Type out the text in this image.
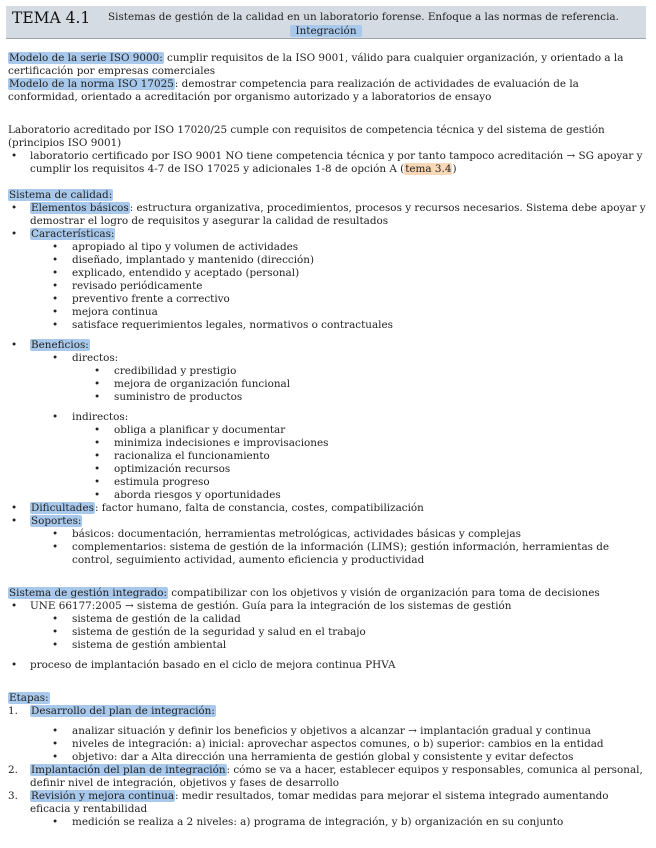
TEMA 4.1 Sistemas de gestión de la calidad en un laboratorio forense. Enfoque a las normas de referencia.
Integración

Modelo de la serie ISO 9000: cumplir requisitos de la ISO 9001, válido para cualquier organización, y orientado a la certificación por empresas comerciales

Modelo de la norma ISO 17025: demostrar competencia para realización de actividades de evaluación de la conformidad, orientado a acreditación por organismo autorizado y a laboratorios de ensayo

Laboratorio acreditado por ISO 17020/25 cumple con requisitos de competencia técnica y del sistema de gestión (principios ISO 9001)

• laboratorio certificado por ISO 9001 NO tiene competencia técnica y por tanto tampoco acreditación → SG apoyar y cumplir los requisitos 4-7 de ISO 17025 y adicionales 1-8 de opción A (tema 3.4)

Sistema de calidad:

• Elementos básicos: estructura organizativa, procedimientos, procesos y recursos necesarios. Sistema debe apoyar y demostrar el logro de requisitos y asegurar la calidad de resultados
• Características:
• apropiado al tipo y volumen de actividades
• diseñado, implantado y mantenido (dirección)
• explicado, entendido y aceptado (personal)
• revisado periódicamente
• preventivo frente a correctivo
• mejora continua
• satisface requerimientos legales, normativos o contractuales
• Beneficios:
• directos:
• credibilidad y prestigio
• mejora de organización funcional
• suministro de productos
• indirectos:
• obliga a planificar y documentar
• minimiza indecisiones e improvisaciones
• racionaliza el funcionamiento
• optimización recursos
• estimula progreso
• aborda riesgos y oportunidades
• Dificultades: factor humano, falta de constancia, costes, compatibilización
• Soportes:
• básicos: documentación, herramientas metrológicas, actividades básicas y complejas
• complementarios: sistema de gestión de la información (LIMS); gestión información, herramientas de control, seguimiento actividad, aumento eficiencia y productividad

Sistema de gestión integrado: compatibilizar con los objetivos y visión de organización para toma de decisiones

• UNE 66177:2005 → sistema de gestión. Guía para la integración de los sistemas de gestión
• sistema de gestión de la calidad
• sistema de gestión de la seguridad y salud en el trabajo
• sistema de gestión ambiental
• proceso de implantación basado en el ciclo de mejora continua PHVA

Etapas:

1. Desarrollo del plan de integración:
• analizar situación y definir los beneficios y objetivos a alcanzar → implantación gradual y continua
• niveles de integración: a) inicial: aprovechar aspectos comunes, o b) superior: cambios en la entidad
• objetivo: dar a Alta dirección una herramienta de gestión global y consistente y evitar defectos
2. Implantación del plan de integración: cómo se va a hacer, establecer equipos y responsables, comunica al personal, definir nivel de integración, objetivos y fases de desarrollo
3. Revisión y mejora continua: medir resultados, tomar medidas para mejorar el sistema integrado aumentando eficacia y rentabilidad
• medición se realiza a 2 niveles: a) programa de integración, y b) organización en su conjunto
